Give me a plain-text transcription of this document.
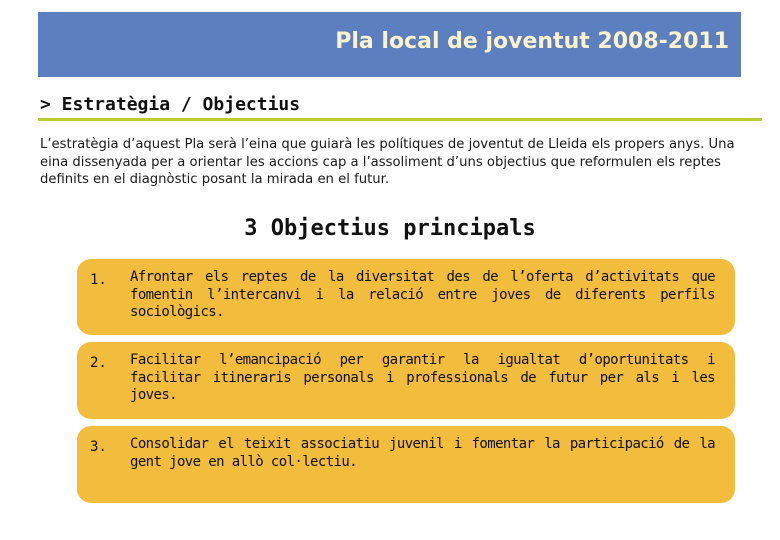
Pla local de joventut 2008-2011
> Estratègia / Objectius
L’estratègia d’aquest Pla serà l’eina que guiarà les polítiques de joventut de Lleida els propers anys. Una eina dissenyada per a orientar les accions cap a l’assoliment d’uns objectius que reformulen els reptes definits en el diagnòstic posant la mirada en el futur.
3 Objectius principals
1. Afrontar els reptes de la diversitat des de l’oferta d’activitats que fomentin l’intercanvi i la relació entre joves de diferents perfils sociològics.
2. Facilitar l’emancipació per garantir la igualtat d’oportunitats i facilitar itineraris personals i professionals de futur per als i les joves.
3. Consolidar el teixit associatiu juvenil i fomentar la participació de la gent jove en allò col·lectiu.
